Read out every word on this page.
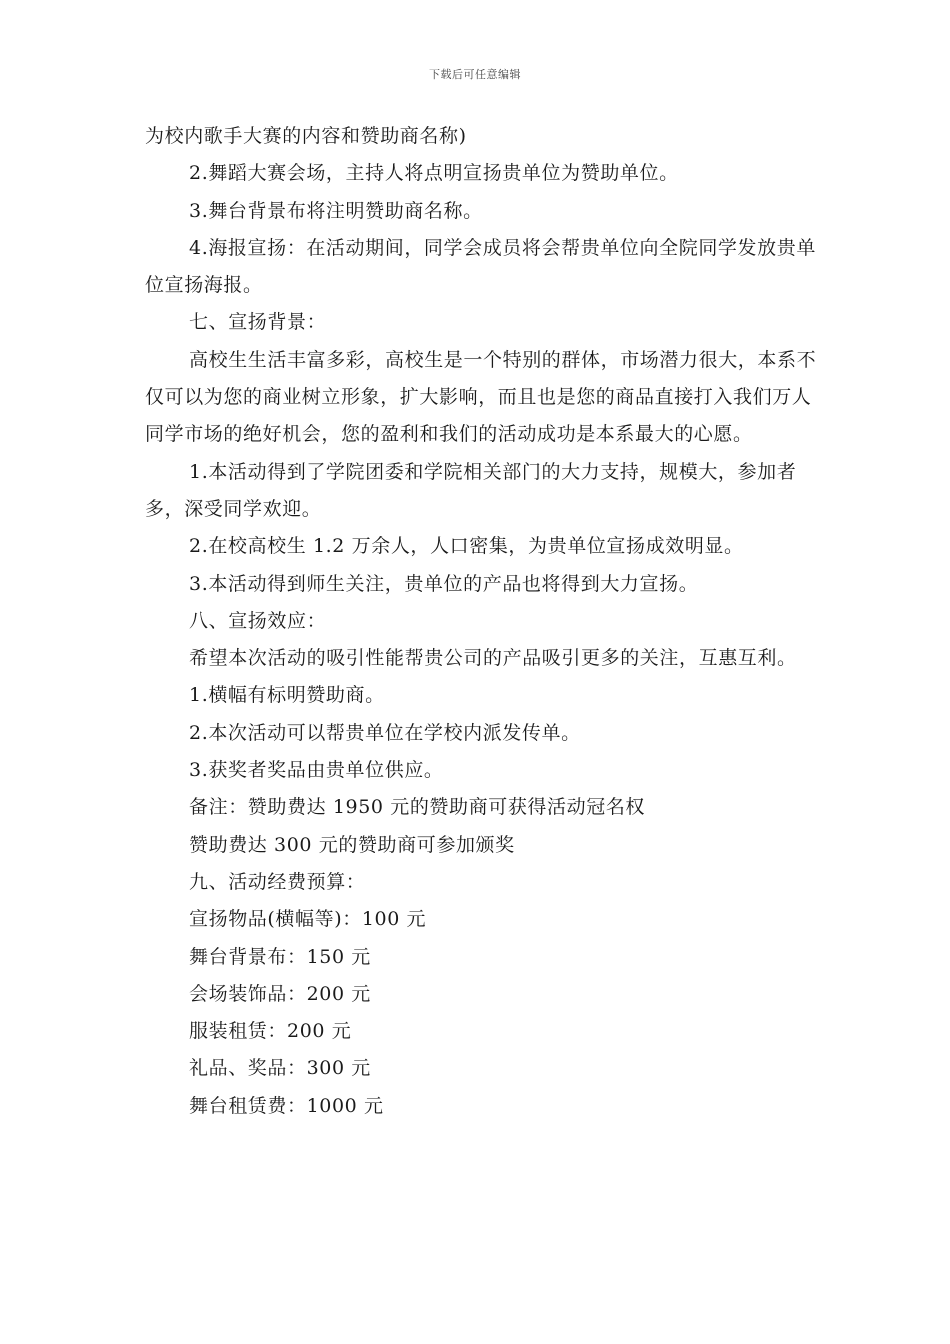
下载后可任意编辑

为校内歌手大赛的内容和赞助商名称)

2.舞蹈大赛会场，主持人将点明宣扬贵单位为赞助单位。

3.舞台背景布将注明赞助商名称。

4.海报宣扬：在活动期间，同学会成员将会帮贵单位向全院同学发放贵单位宣扬海报。

七、宣扬背景：

高校生生活丰富多彩，高校生是一个特别的群体，市场潜力很大，本系不仅可以为您的商业树立形象，扩大影响，而且也是您的商品直接打入我们万人同学市场的绝好机会，您的盈利和我们的活动成功是本系最大的心愿。

1.本活动得到了学院团委和学院相关部门的大力支持，规模大，参加者多，深受同学欢迎。

2.在校高校生 1.2 万余人，人口密集，为贵单位宣扬成效明显。

3.本活动得到师生关注，贵单位的产品也将得到大力宣扬。

八、宣扬效应：

希望本次活动的吸引性能帮贵公司的产品吸引更多的关注，互惠互利。

1.横幅有标明赞助商。

2.本次活动可以帮贵单位在学校内派发传单。

3.获奖者奖品由贵单位供应。

备注：赞助费达 1950 元的赞助商可获得活动冠名权

赞助费达 300 元的赞助商可参加颁奖

九、活动经费预算：

宣扬物品(横幅等)：100 元

舞台背景布：150 元

会场装饰品：200 元

服装租赁：200 元

礼品、奖品：300 元

舞台租赁费：1000 元
